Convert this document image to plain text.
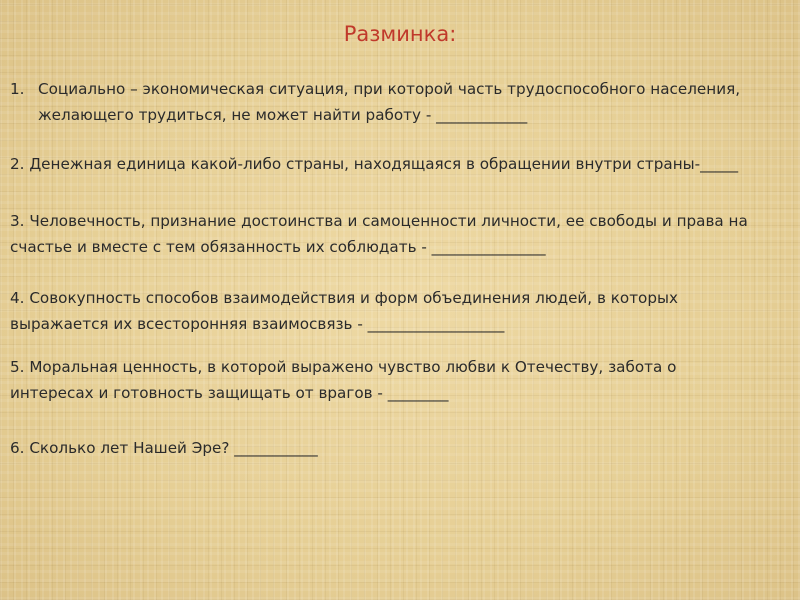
Разминка:
1. Социально – экономическая ситуация, при которой часть трудоспособного населения,
желающего трудиться, не может найти работу - ____________

2. Денежная единица какой-либо страны, находящаяся в обращении внутри страны-_____

3. Человечность, признание достоинства и самоценности личности, ее свободы и права на
счастье и вместе с тем обязанность их соблюдать - _______________

4. Совокупность способов взаимодействия и форм объединения людей, в которых
выражается их всесторонняя взаимосвязь - __________________

5. Моральная ценность, в которой выражено чувство любви к Отечеству, забота о
интересах и готовность защищать от врагов - ________

6. Сколько лет Нашей Эре? ___________
